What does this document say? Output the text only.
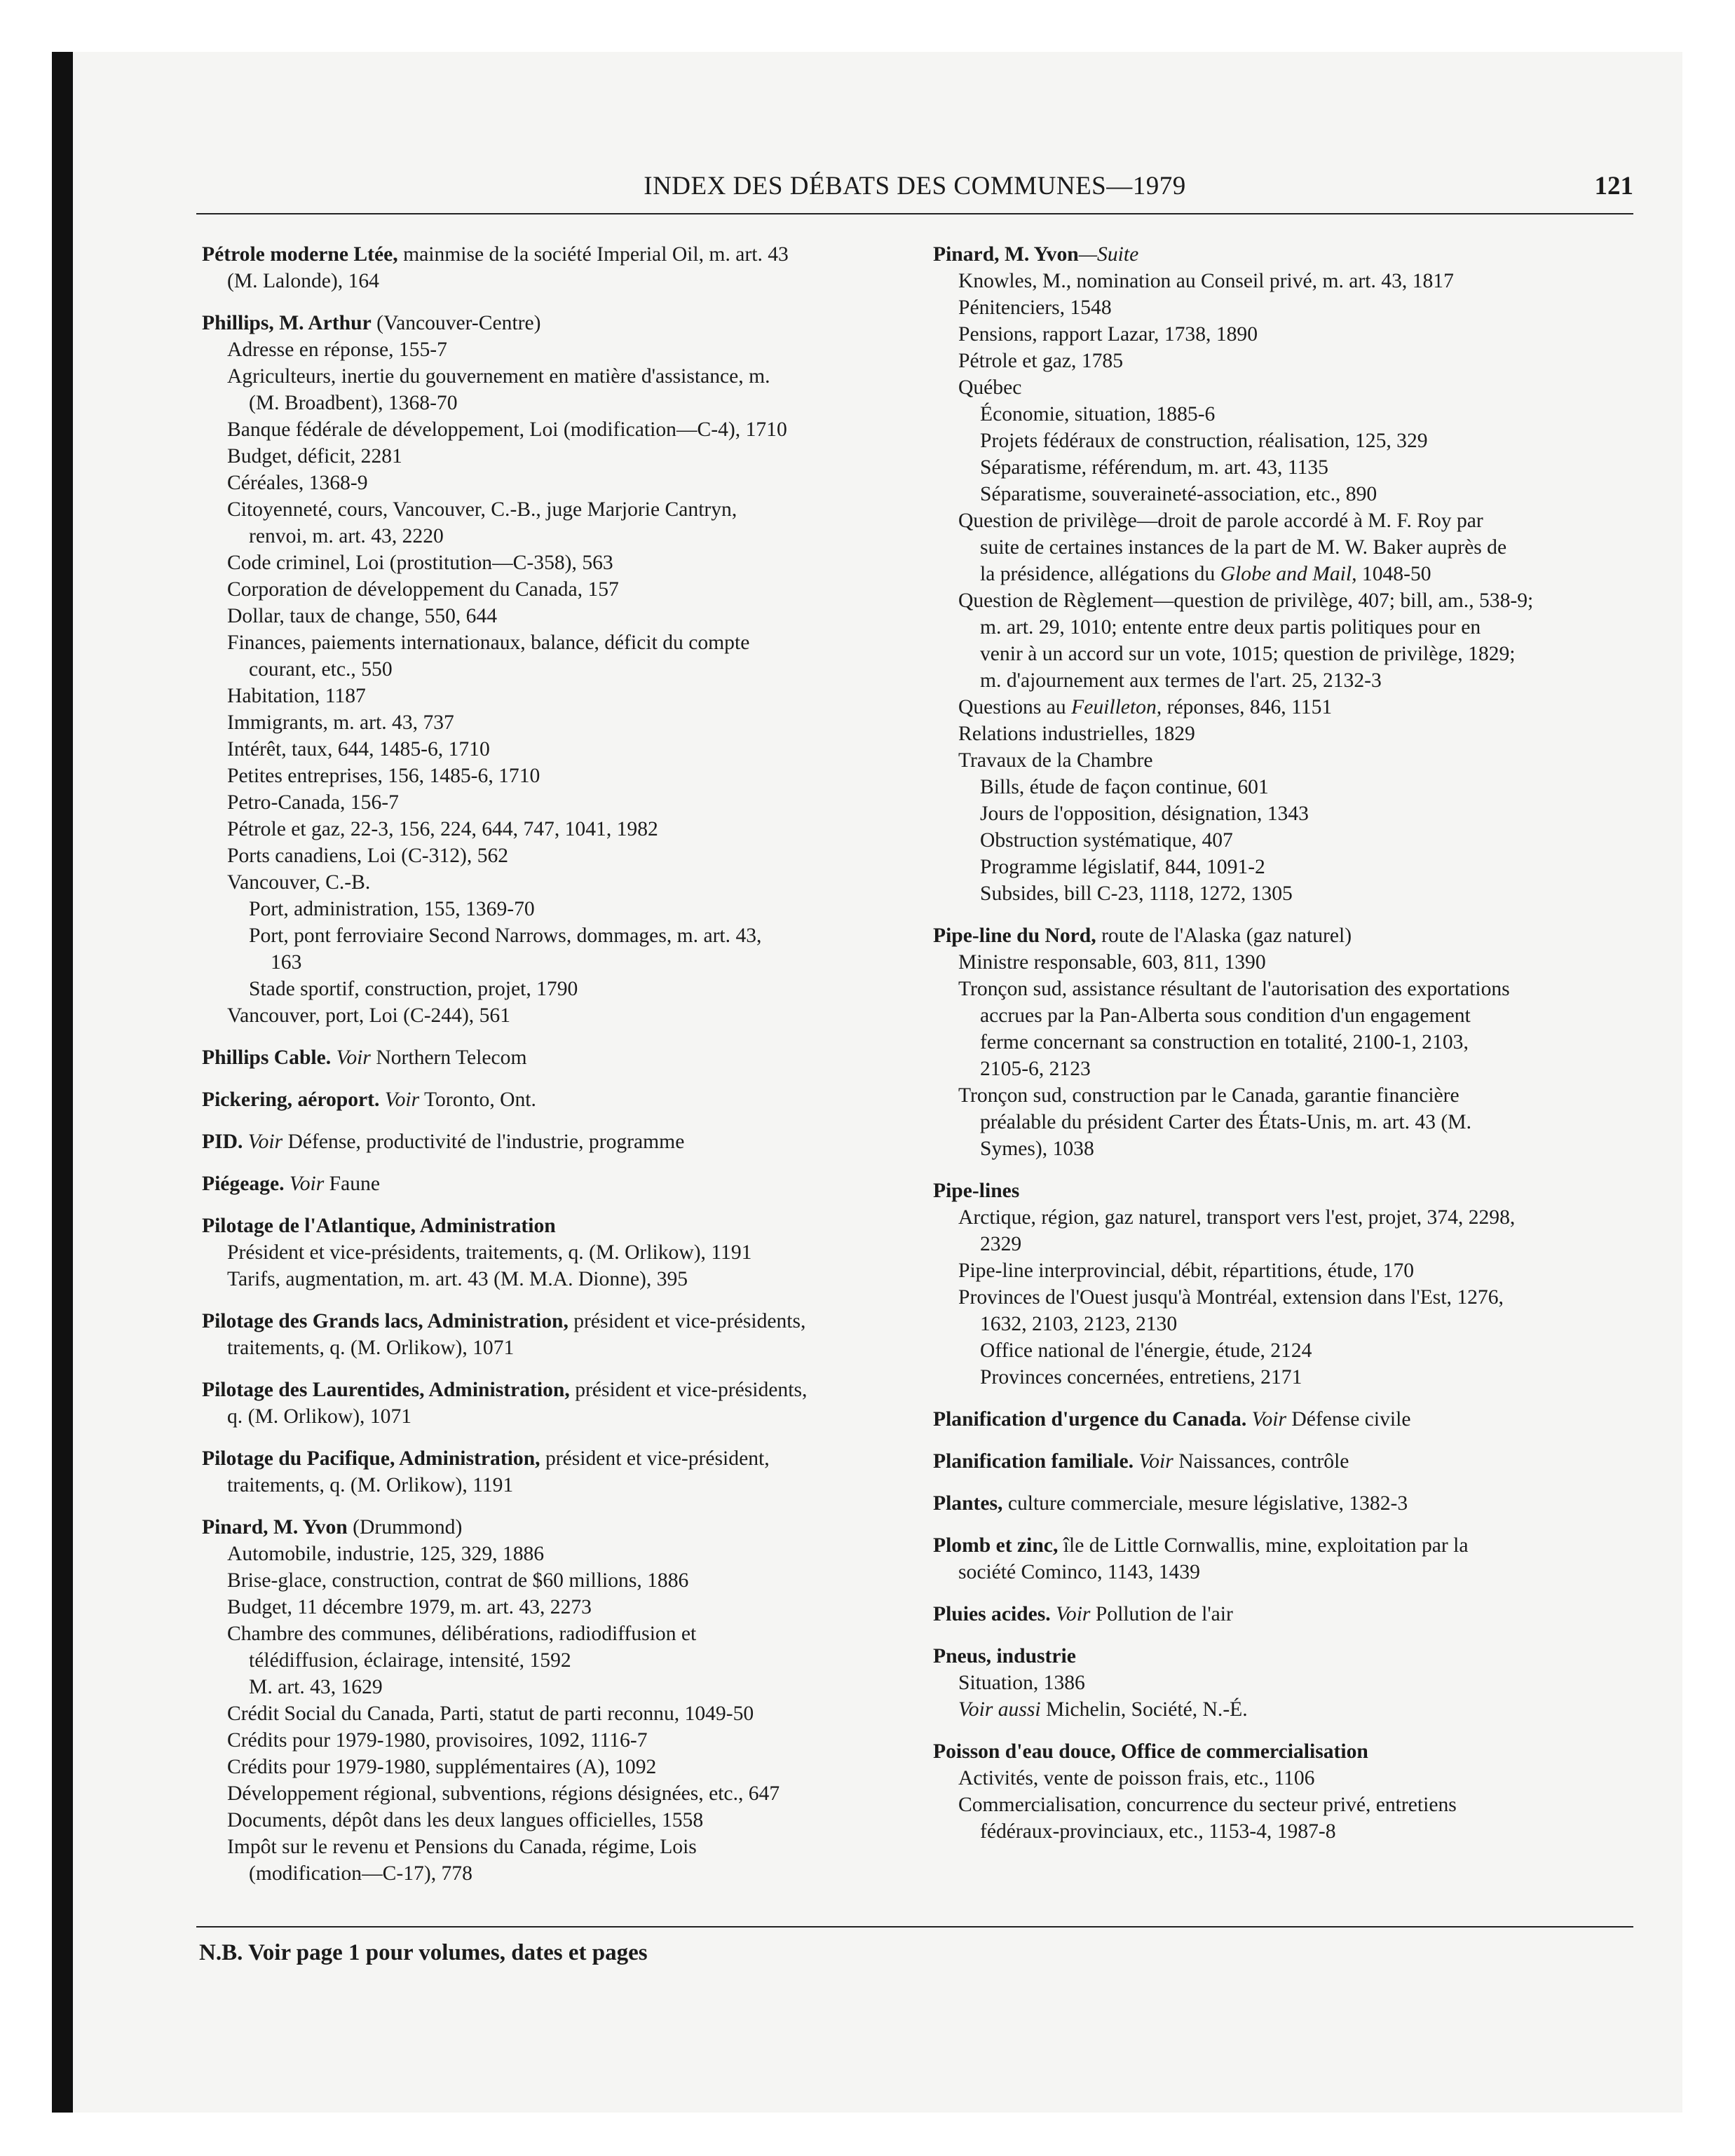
INDEX DES DÉBATS DES COMMUNES—1979	121
Pétrole moderne Ltée, mainmise de la société Imperial Oil, m. art. 43
(M. Lalonde), 164
Phillips, M. Arthur (Vancouver-Centre)
Adresse en réponse, 155-7
Agriculteurs, inertie du gouvernement en matière d'assistance, m.
(M. Broadbent), 1368-70
Banque fédérale de développement, Loi (modification—C-4), 1710
Budget, déficit, 2281
Céréales, 1368-9
Citoyenneté, cours, Vancouver, C.-B., juge Marjorie Cantryn,
renvoi, m. art. 43, 2220
Code criminel, Loi (prostitution—C-358), 563
Corporation de développement du Canada, 157
Dollar, taux de change, 550, 644
Finances, paiements internationaux, balance, déficit du compte
courant, etc., 550
Habitation, 1187
Immigrants, m. art. 43, 737
Intérêt, taux, 644, 1485-6, 1710
Petites entreprises, 156, 1485-6, 1710
Petro-Canada, 156-7
Pétrole et gaz, 22-3, 156, 224, 644, 747, 1041, 1982
Ports canadiens, Loi (C-312), 562
Vancouver, C.-B.
Port, administration, 155, 1369-70
Port, pont ferroviaire Second Narrows, dommages, m. art. 43,
163
Stade sportif, construction, projet, 1790
Vancouver, port, Loi (C-244), 561
Phillips Cable. Voir Northern Telecom
Pickering, aéroport. Voir Toronto, Ont.
PID. Voir Défense, productivité de l'industrie, programme
Piégeage. Voir Faune
Pilotage de l'Atlantique, Administration
Président et vice-présidents, traitements, q. (M. Orlikow), 1191
Tarifs, augmentation, m. art. 43 (M. M.A. Dionne), 395
Pilotage des Grands lacs, Administration, président et vice-présidents,
traitements, q. (M. Orlikow), 1071
Pilotage des Laurentides, Administration, président et vice-présidents,
q. (M. Orlikow), 1071
Pilotage du Pacifique, Administration, président et vice-président,
traitements, q. (M. Orlikow), 1191
Pinard, M. Yvon (Drummond)
Automobile, industrie, 125, 329, 1886
Brise-glace, construction, contrat de $60 millions, 1886
Budget, 11 décembre 1979, m. art. 43, 2273
Chambre des communes, délibérations, radiodiffusion et
télédiffusion, éclairage, intensité, 1592
M. art. 43, 1629
Crédit Social du Canada, Parti, statut de parti reconnu, 1049-50
Crédits pour 1979-1980, provisoires, 1092, 1116-7
Crédits pour 1979-1980, supplémentaires (A), 1092
Développement régional, subventions, régions désignées, etc., 647
Documents, dépôt dans les deux langues officielles, 1558
Impôt sur le revenu et Pensions du Canada, régime, Lois
(modification—C-17), 778
Pinard, M. Yvon—Suite
Knowles, M., nomination au Conseil privé, m. art. 43, 1817
Pénitenciers, 1548
Pensions, rapport Lazar, 1738, 1890
Pétrole et gaz, 1785
Québec
Économie, situation, 1885-6
Projets fédéraux de construction, réalisation, 125, 329
Séparatisme, référendum, m. art. 43, 1135
Séparatisme, souveraineté-association, etc., 890
Question de privilège—droit de parole accordé à M. F. Roy par
suite de certaines instances de la part de M. W. Baker auprès de
la présidence, allégations du Globe and Mail, 1048-50
Question de Règlement—question de privilège, 407; bill, am., 538-9;
m. art. 29, 1010; entente entre deux partis politiques pour en
venir à un accord sur un vote, 1015; question de privilège, 1829;
m. d'ajournement aux termes de l'art. 25, 2132-3
Questions au Feuilleton, réponses, 846, 1151
Relations industrielles, 1829
Travaux de la Chambre
Bills, étude de façon continue, 601
Jours de l'opposition, désignation, 1343
Obstruction systématique, 407
Programme législatif, 844, 1091-2
Subsides, bill C-23, 1118, 1272, 1305
Pipe-line du Nord, route de l'Alaska (gaz naturel)
Ministre responsable, 603, 811, 1390
Tronçon sud, assistance résultant de l'autorisation des exportations
accrues par la Pan-Alberta sous condition d'un engagement
ferme concernant sa construction en totalité, 2100-1, 2103,
2105-6, 2123
Tronçon sud, construction par le Canada, garantie financière
préalable du président Carter des États-Unis, m. art. 43 (M.
Symes), 1038
Pipe-lines
Arctique, région, gaz naturel, transport vers l'est, projet, 374, 2298,
2329
Pipe-line interprovincial, débit, répartitions, étude, 170
Provinces de l'Ouest jusqu'à Montréal, extension dans l'Est, 1276,
1632, 2103, 2123, 2130
Office national de l'énergie, étude, 2124
Provinces concernées, entretiens, 2171
Planification d'urgence du Canada. Voir Défense civile
Planification familiale. Voir Naissances, contrôle
Plantes, culture commerciale, mesure législative, 1382-3
Plomb et zinc, île de Little Cornwallis, mine, exploitation par la
société Cominco, 1143, 1439
Pluies acides. Voir Pollution de l'air
Pneus, industrie
Situation, 1386
Voir aussi Michelin, Société, N.-É.
Poisson d'eau douce, Office de commercialisation
Activités, vente de poisson frais, etc., 1106
Commercialisation, concurrence du secteur privé, entretiens
fédéraux-provinciaux, etc., 1153-4, 1987-8
N.B. Voir page 1 pour volumes, dates et pages
